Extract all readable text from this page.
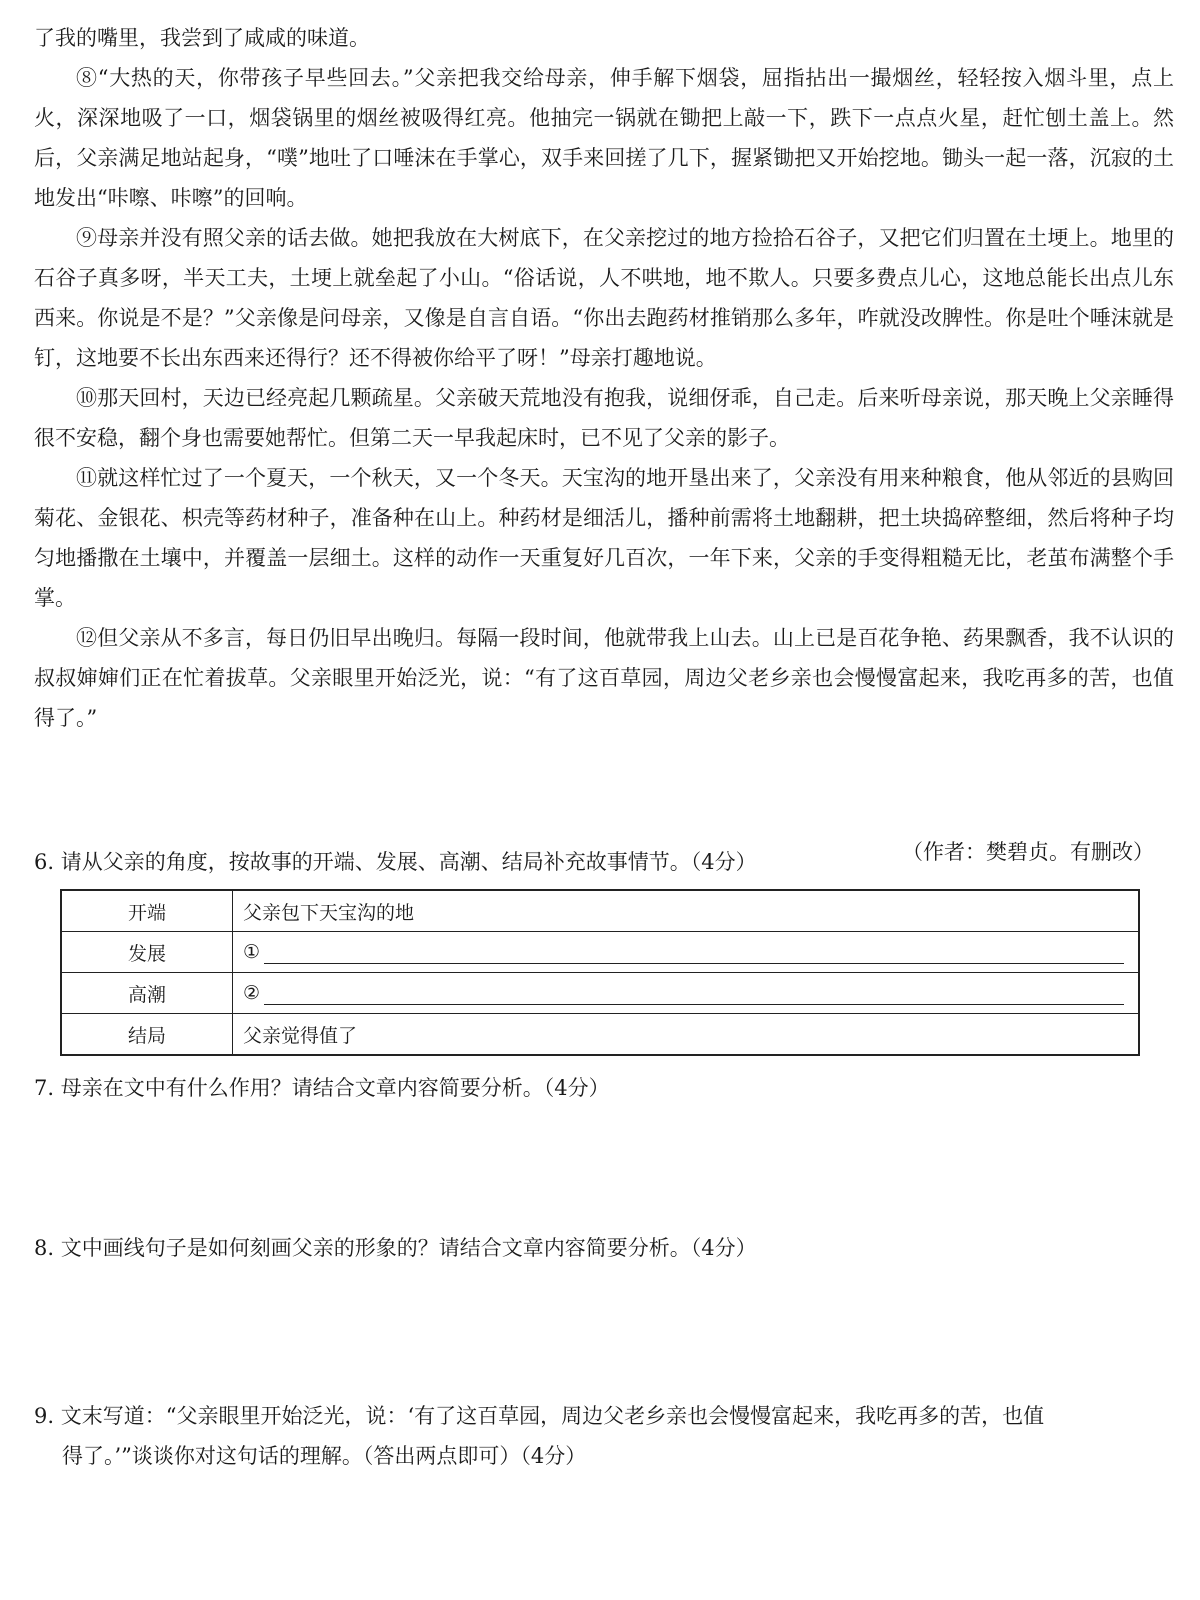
了我的嘴里，我尝到了咸咸的味道。

⑧“大热的天，你带孩子早些回去。”父亲把我交给母亲，伸手解下烟袋，屈指拈出一撮烟丝，轻轻按入烟斗里，点上火，深深地吸了一口，烟袋锅里的烟丝被吸得红亮。他抽完一锅就在锄把上敲一下，跌下一点点火星，赶忙刨土盖上。然后，父亲满足地站起身，“噗”地吐了口唾沫在手掌心，双手来回搓了几下，握紧锄把又开始挖地。锄头一起一落，沉寂的土地发出“咔嚓、咔嚓”的回响。

⑨母亲并没有照父亲的话去做。她把我放在大树底下，在父亲挖过的地方捡拾石谷子，又把它们归置在土埂上。地里的石谷子真多呀，半天工夫，土埂上就垒起了小山。“俗话说，人不哄地，地不欺人。只要多费点儿心，这地总能长出点儿东西来。你说是不是？”父亲像是问母亲，又像是自言自语。“你出去跑药材推销那么多年，咋就没改脾性。你是吐个唾沫就是钉，这地要不长出东西来还得行？还不得被你给平了呀！”母亲打趣地说。

⑩那天回村，天边已经亮起几颗疏星。父亲破天荒地没有抱我，说细伢乖，自己走。后来听母亲说，那天晚上父亲睡得很不安稳，翻个身也需要她帮忙。但第二天一早我起床时，已不见了父亲的影子。

⑪就这样忙过了一个夏天，一个秋天，又一个冬天。天宝沟的地开垦出来了，父亲没有用来种粮食，他从邻近的县购回菊花、金银花、枳壳等药材种子，准备种在山上。种药材是细活儿，播种前需将土地翻耕，把土块捣碎整细，然后将种子均匀地播撒在土壤中，并覆盖一层细土。这样的动作一天重复好几百次，一年下来，父亲的手变得粗糙无比，老茧布满整个手掌。

⑫但父亲从不多言，每日仍旧早出晚归。每隔一段时间，他就带我上山去。山上已是百花争艳、药果飘香，我不认识的叔叔婶婶们正在忙着拔草。父亲眼里开始泛光，说：“有了这百草园，周边父老乡亲也会慢慢富起来，我吃再多的苦，也值得了。”

（作者：樊碧贞。有删改）

6. 请从父亲的角度，按故事的开端、发展、高潮、结局补充故事情节。（4分）

开端	父亲包下天宝沟的地
发展	①
高潮	②
结局	父亲觉得值了

7. 母亲在文中有什么作用？请结合文章内容简要分析。（4分）

8. 文中画线句子是如何刻画父亲的形象的？请结合文章内容简要分析。（4分）

9. 文末写道：“父亲眼里开始泛光，说：‘有了这百草园，周边父老乡亲也会慢慢富起来，我吃再多的苦，也值
得了。’”谈谈你对这句话的理解。（答出两点即可）（4分）
